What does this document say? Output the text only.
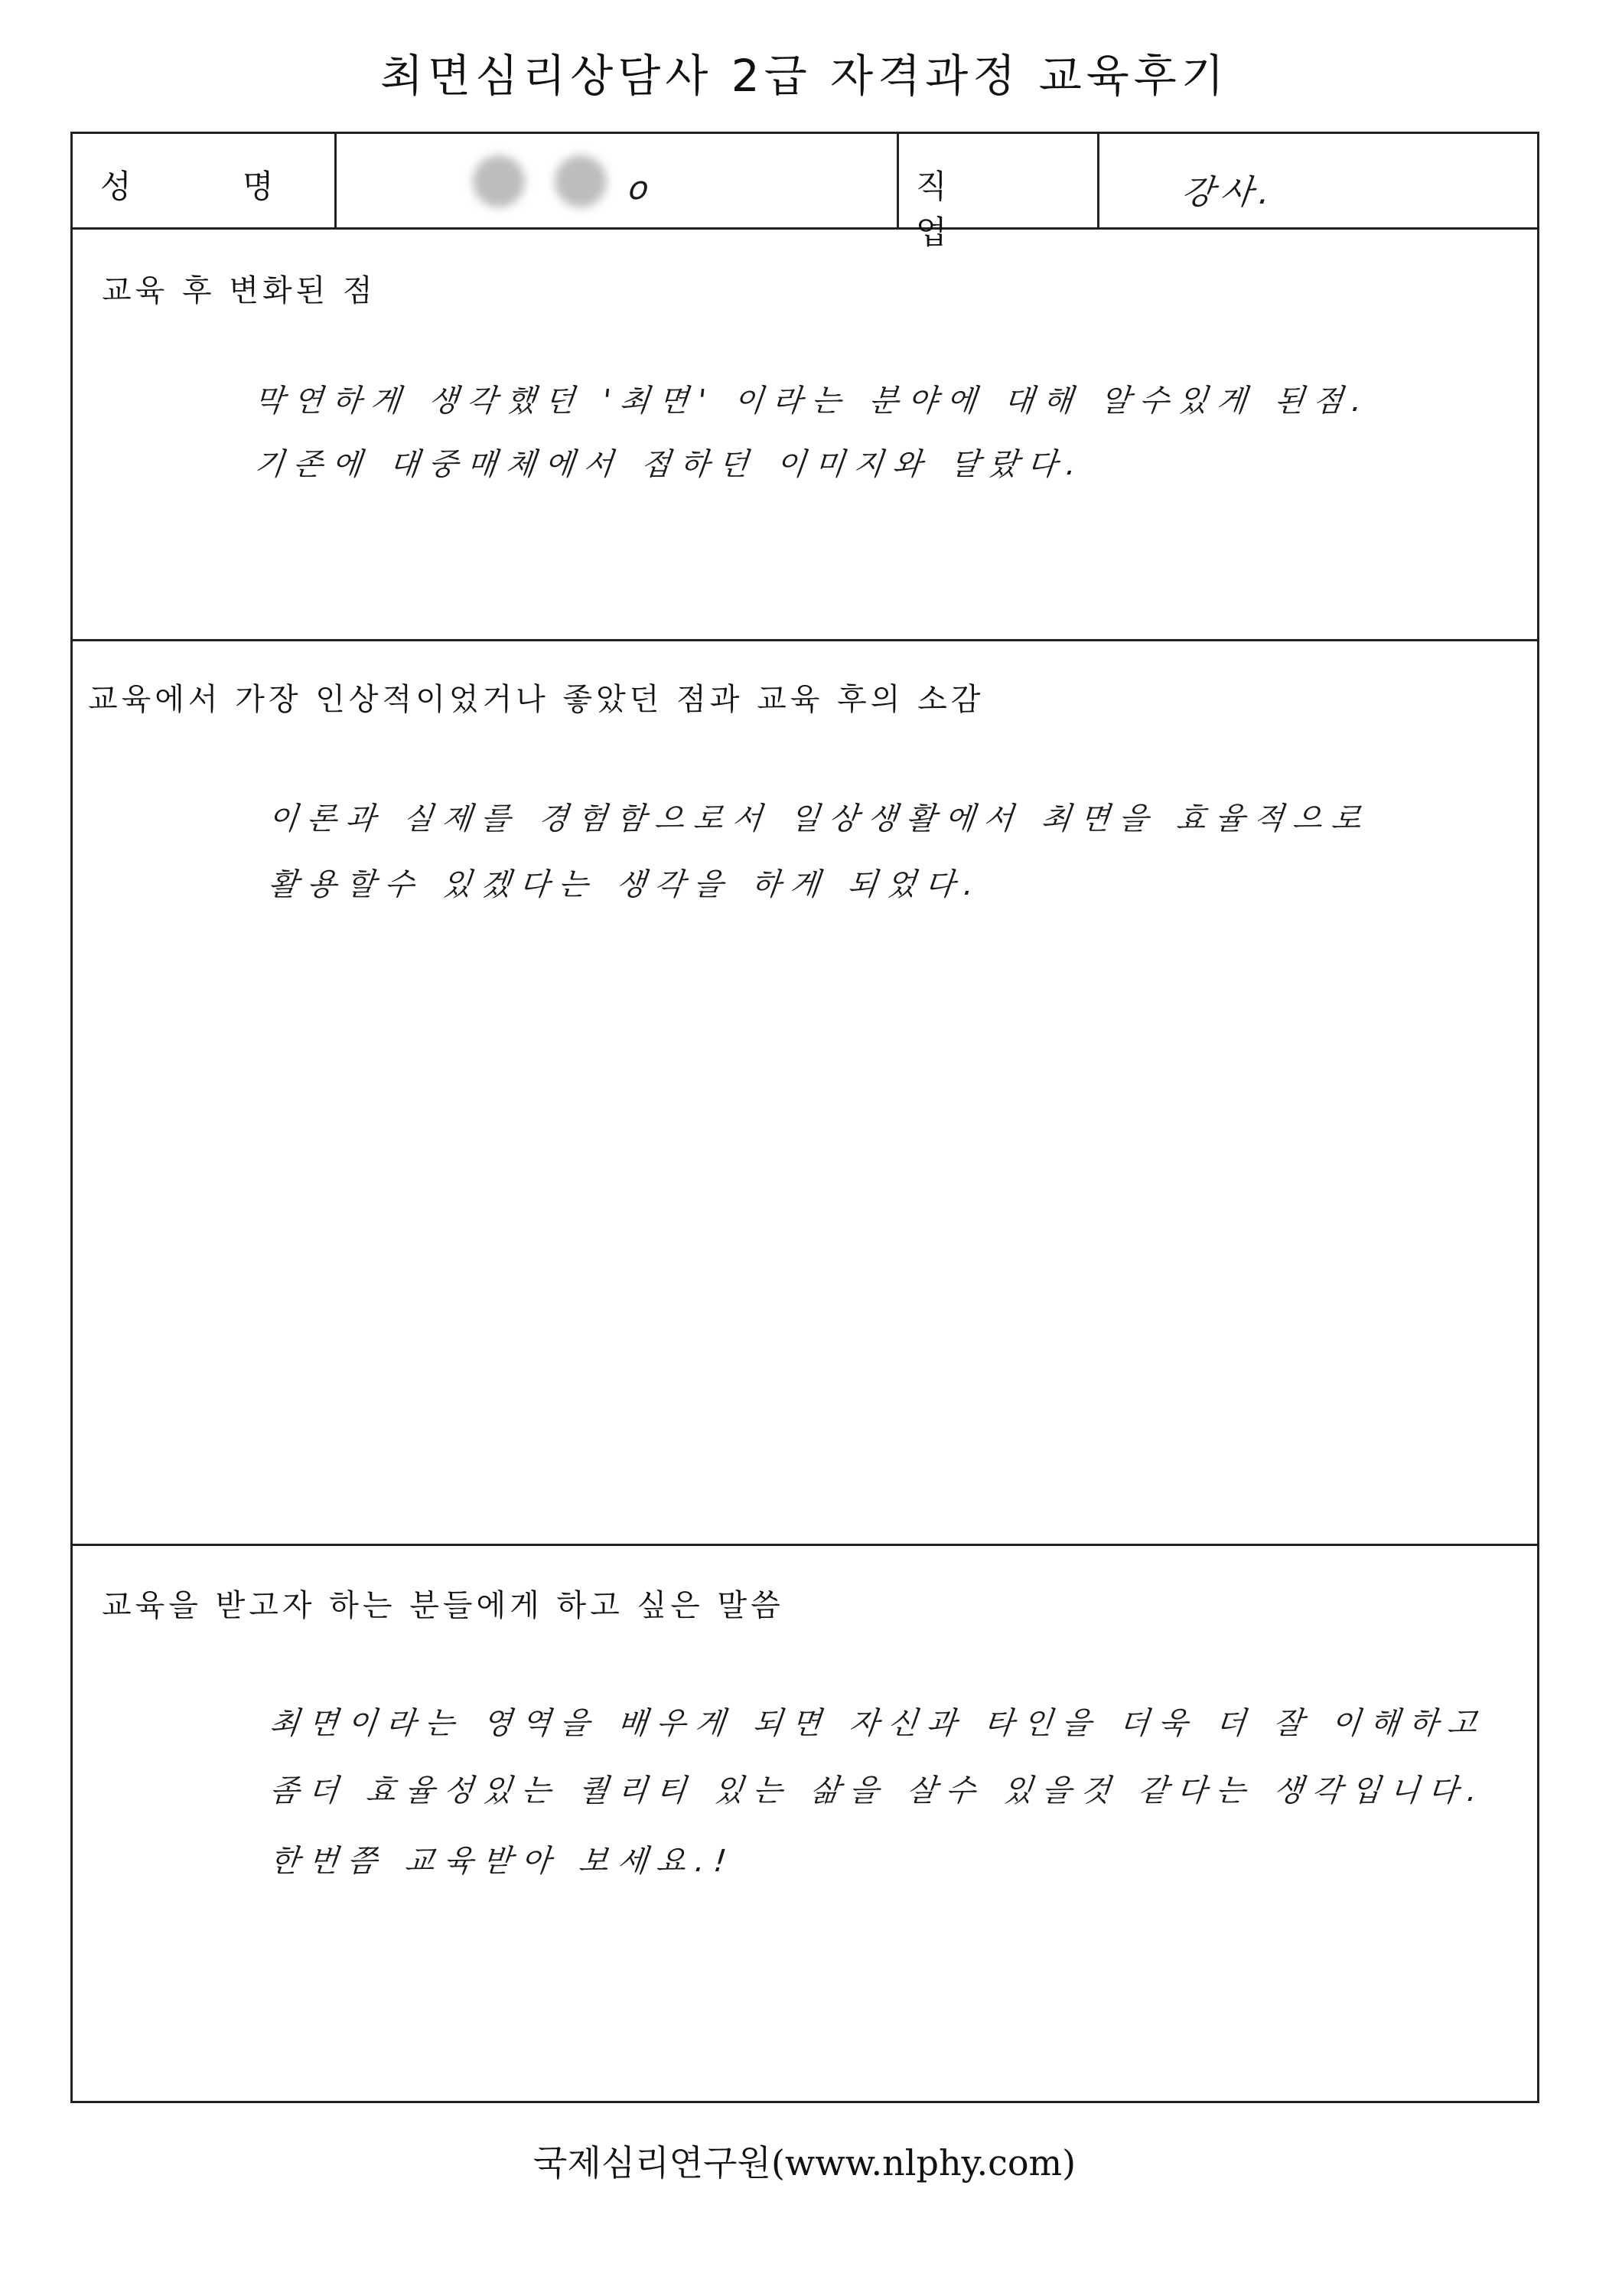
최면심리상담사 2급 자격과정 교육후기
성 명	o	직 업
강사.
교육 후 변화된 점
막연하게 생각했던 '최면' 이라는 분야에 대해 알수있게 된점.
기존에 대중매체에서 접하던 이미지와 달랐다.
교육에서 가장 인상적이었거나 좋았던 점과 교육 후의 소감
이론과 실제를 경험함으로서 일상생활에서 최면을 효율적으로
활용할수 있겠다는 생각을 하게 되었다.
교육을 받고자 하는 분들에게 하고 싶은 말씀
최면이라는 영역을 배우게 되면 자신과 타인을 더욱 더 잘 이해하고
좀더 효율성있는 퀄리티 있는 삶을 살수 있을것 같다는 생각입니다.
한번쯤 교육받아 보세요.!
국제심리연구원(www.nlphy.com)
